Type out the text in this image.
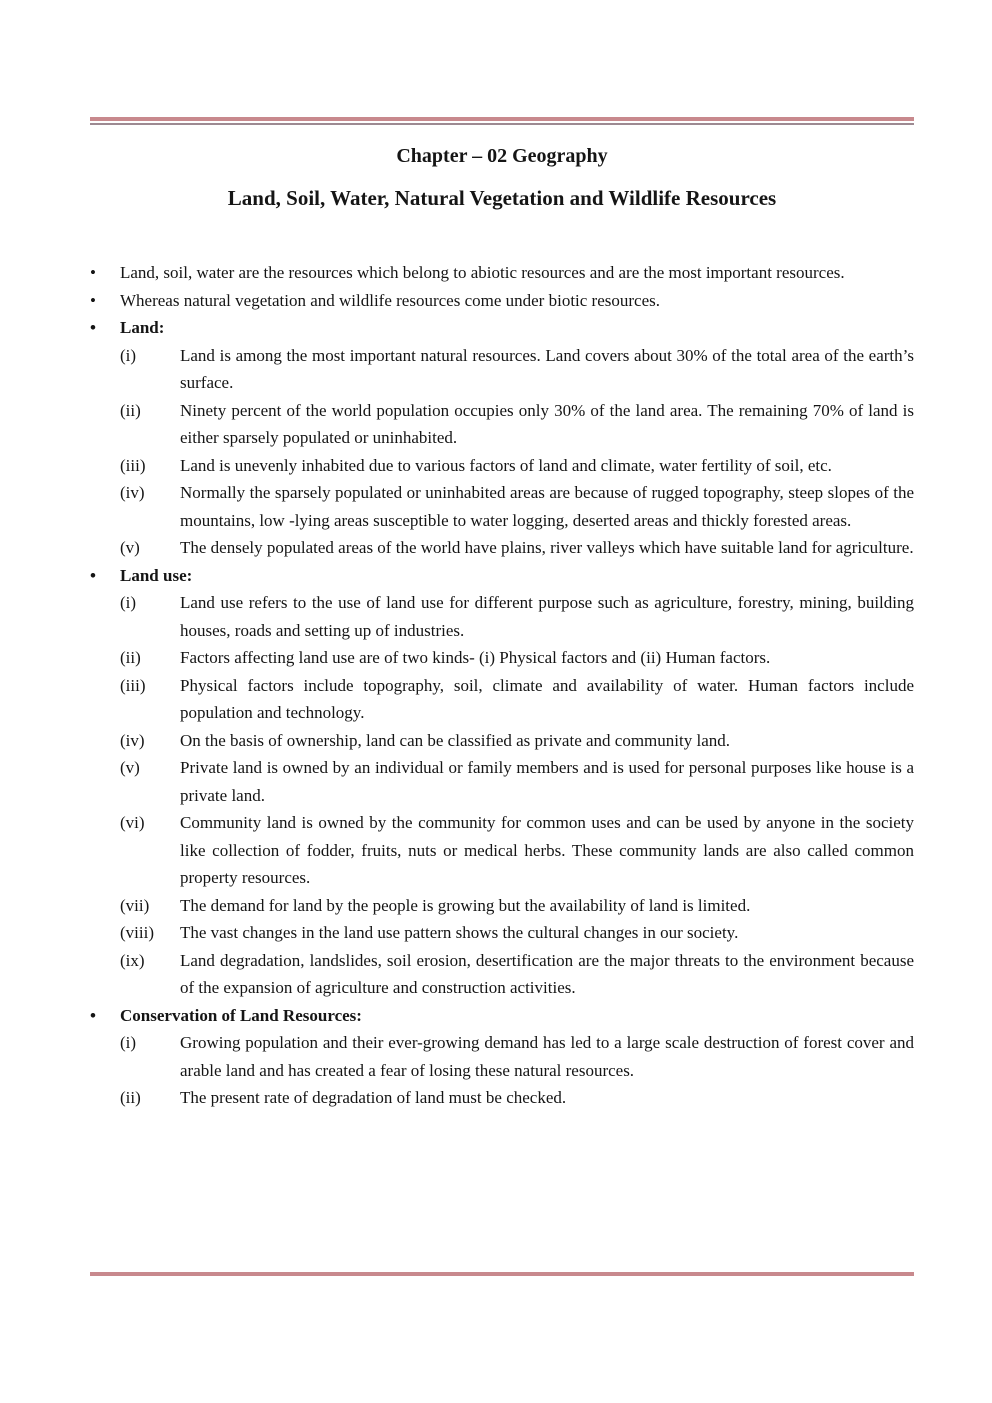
Chapter – 02 Geography
Land, Soil, Water, Natural Vegetation and Wildlife Resources
•	Land, soil, water are the resources which belong to abiotic resources and are the most important resources.
•	Whereas natural vegetation and wildlife resources come under biotic resources.
•	Land:
(i)	Land is among the most important natural resources. Land covers about 30% of the total area of the earth’s surface.
(ii)	Ninety percent of the world population occupies only 30% of the land area. The remaining 70% of land is either sparsely populated or uninhabited.
(iii)	Land is unevenly inhabited due to various factors of land and climate, water fertility of soil, etc.
(iv)	Normally the sparsely populated or uninhabited areas are because of rugged topography, steep slopes of the mountains, low -lying areas susceptible to water logging, deserted areas and thickly forested areas.
(v)	The densely populated areas of the world have plains, river valleys which have suitable land for agriculture.
•	Land use:
(i)	Land use refers to the use of land use for different purpose such as agriculture, forestry, mining, building houses, roads and setting up of industries.
(ii)	Factors affecting land use are of two kinds- (i) Physical factors and (ii) Human factors.
(iii)	Physical factors include topography, soil, climate and availability of water. Human factors include population and technology.
(iv)	On the basis of ownership, land can be classified as private and community land.
(v)	Private land is owned by an individual or family members and is used for personal purposes like house is a private land.
(vi)	Community land is owned by the community for common uses and can be used by anyone in the society like collection of fodder, fruits, nuts or medical herbs. These community lands are also called common property resources.
(vii)	The demand for land by the people is growing but the availability of land is limited.
(viii)	The vast changes in the land use pattern shows the cultural changes in our society.
(ix)	Land degradation, landslides, soil erosion, desertification are the major threats to the environment because of the expansion of agriculture and construction activities.
•	Conservation of Land Resources:
(i)	Growing population and their ever-growing demand has led to a large scale destruction of forest cover and arable land and has created a fear of losing these natural resources.
(ii)	The present rate of degradation of land must be checked.
